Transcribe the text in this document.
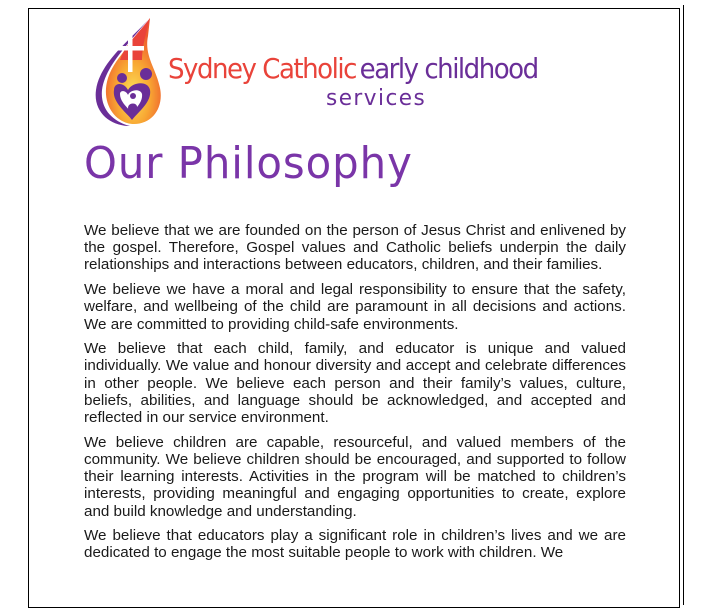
Sydney Catholic early childhood
services
Our Philosophy

We believe that we are founded on the person of Jesus Christ and enlivened by the gospel. Therefore, Gospel values and Catholic beliefs underpin the daily relationships and interactions between educators, children, and their families.

We believe we have a moral and legal responsibility to ensure that the safety, welfare, and wellbeing of the child are paramount in all decisions and actions. We are committed to providing child-safe environments.

We believe that each child, family, and educator is unique and valued individually. We value and honour diversity and accept and celebrate differences in other people. We believe each person and their family’s values, culture, beliefs, abilities, and language should be acknowledged, and accepted and reflected in our service environment.

We believe children are capable, resourceful, and valued members of the community. We believe children should be encouraged, and supported to follow their learning interests. Activities in the program will be matched to children’s interests, providing meaningful and engaging opportunities to create, explore and build knowledge and understanding.

We believe that educators play a significant role in children’s lives and we are dedicated to engage the most suitable people to work with children. We
